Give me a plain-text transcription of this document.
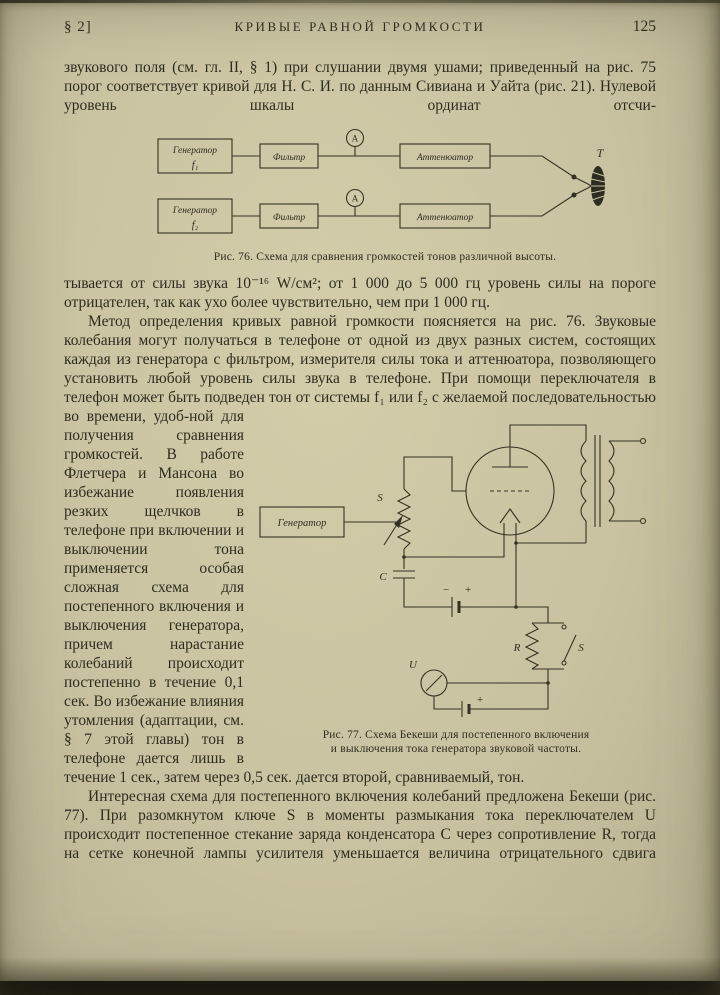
§ 2]	КРИВЫЕ РАВНОЙ ГРОМКОСТИ	125

звукового поля (см. гл. II, § 1) при слушании двумя ушами; приведенный на рис. 75 порог соответствует кривой для Н. С. И. по данным Сивиана и Уайта (рис. 21). Нулевой уровень шкалы ординат отсчи-

Генератор
f₁
Генератор
f₂
Фильтр
Фильтр
A
A
Аттенюатор
Аттенюатор
T
Рис. 76. Схема для сравнения громкостей тонов различной высоты.

тывается от силы звука 10⁻¹⁶ W/см²; от 1 000 до 5 000 гц уровень силы на пороге отрицателен, так как ухо более чувствительно, чем при 1 000 гц.

Метод определения кривых равной громкости поясняется на рис. 76. Звуковые колебания могут получаться в телефоне от одной из двух разных систем, состоящих каждая из генератора с фильтром, измерителя силы тока и аттенюатора, позволяющего установить любой уровень силы звука в телефоне. При помощи переключателя в телефон может быть подведен тон от системы f₁ или f₂ с желаемой последовательностью во времени, удоб-
Генератор
S
C
− +
R	S
U
+
Рис. 77. Схема Бекеши для постепенного включения
и выключения тока генератора звуковой частоты.
ной для получения сравнения громкостей. В работе Флетчера и Мансона во избежание появления резких щелчков в телефоне при включении и выключении тона применяется особая сложная схема для постепенного включения и выключения генератора, причем нарастание колебаний происходит постепенно в течение 0,1 сек. Во избежание влияния утомления (адаптации, см. § 7 этой главы) тон в телефоне дается лишь в течение 1 сек., затем через 0,5 сек. дается второй, сравниваемый, тон.

Интересная схема для постепенного включения колебаний предложена Бекеши (рис. 77). При разомкнутом ключе S в моменты размыкания тока переключателем U происходит постепенное стекание заряда конденсатора C через сопротивление R, тогда на сетке конечной лампы усилителя уменьшается величина отрицательного сдвига
